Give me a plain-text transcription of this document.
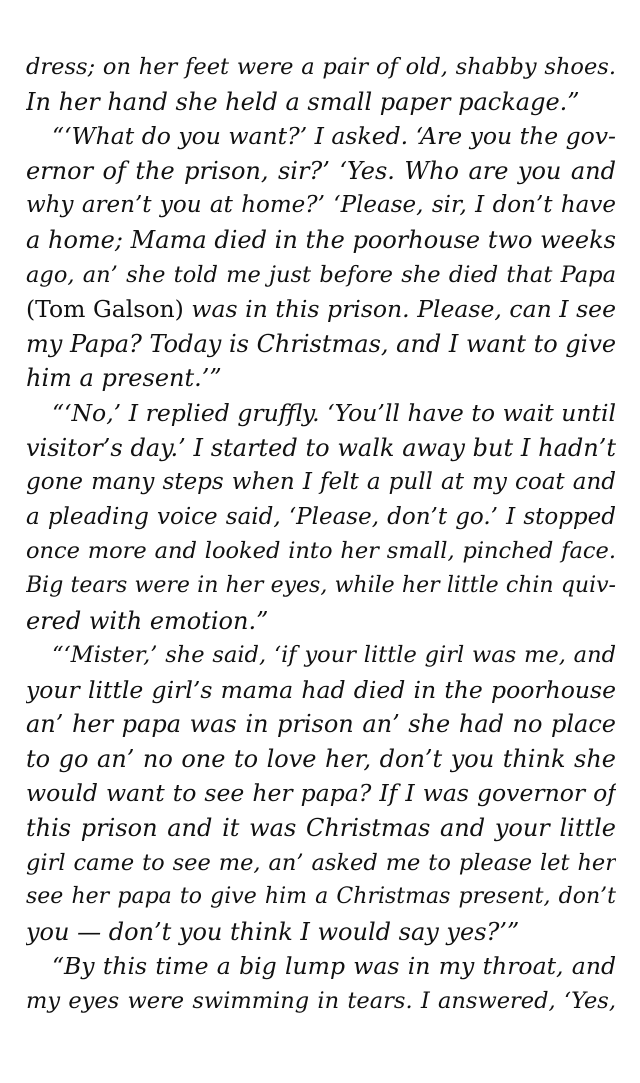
dress; on her feet were a pair of old, shabby shoes.
In her hand she held a small paper package.”
“‘What do you want?’ I asked. ‘Are you the gov-
ernor of the prison, sir?’ ‘Yes. Who are you and
why aren’t you at home?’ ‘Please, sir, I don’t have
a home; Mama died in the poorhouse two weeks
ago, an’ she told me just before she died that Papa
(Tom Galson) was in this prison. Please, can I see
my Papa? Today is Christmas, and I want to give
him a present.’”
“‘No,’ I replied gruffly. ‘You’ll have to wait until
visitor’s day.’ I started to walk away but I hadn’t
gone many steps when I felt a pull at my coat and
a pleading voice said, ‘Please, don’t go.’ I stopped
once more and looked into her small, pinched face.
Big tears were in her eyes, while her little chin quiv-
ered with emotion.”
“‘Mister,’ she said, ‘if your little girl was me, and
your little girl’s mama had died in the poorhouse
an’ her papa was in prison an’ she had no place
to go an’ no one to love her, don’t you think she
would want to see her papa? If I was governor of
this prison and it was Christmas and your little
girl came to see me, an’ asked me to please let her
see her papa to give him a Christmas present, don’t
you — don’t you think I would say yes?’”
“By this time a big lump was in my throat, and
my eyes were swimming in tears. I answered, ‘Yes,
